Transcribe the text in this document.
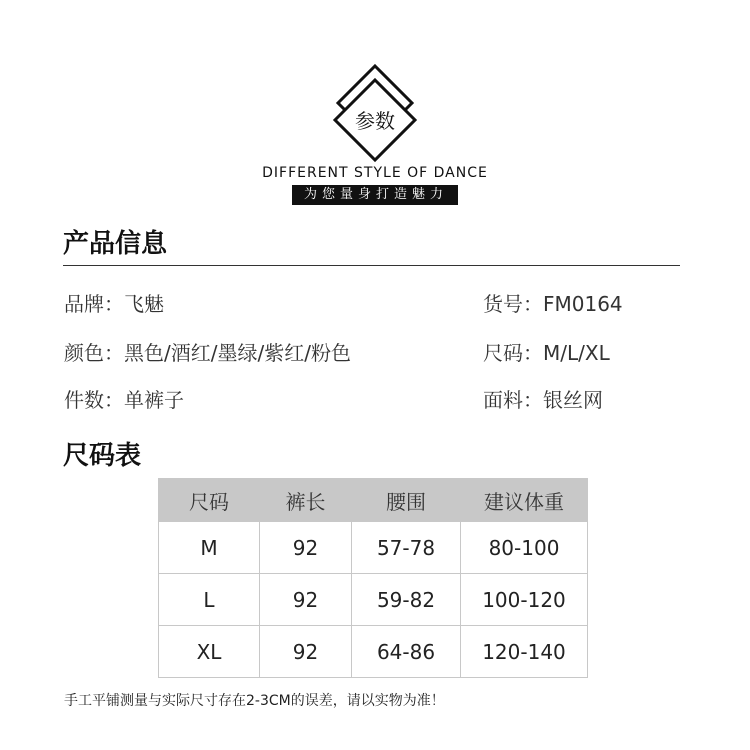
参数
DIFFERENT STYLE OF DANCE
为您量身打造魅力
产品信息
品牌：飞魅	货号：FM0164
颜色：黑色/酒红/墨绿/紫红/粉色	尺码：M/L/XL
件数：单裤子	面料：银丝网
尺码表
尺码	裤长	腰围	建议体重
M	92	57-78	80-100
L	92	59-82	100-120
XL	92	64-86	120-140
手工平铺测量与实际尺寸存在2-3CM的误差，请以实物为准！
